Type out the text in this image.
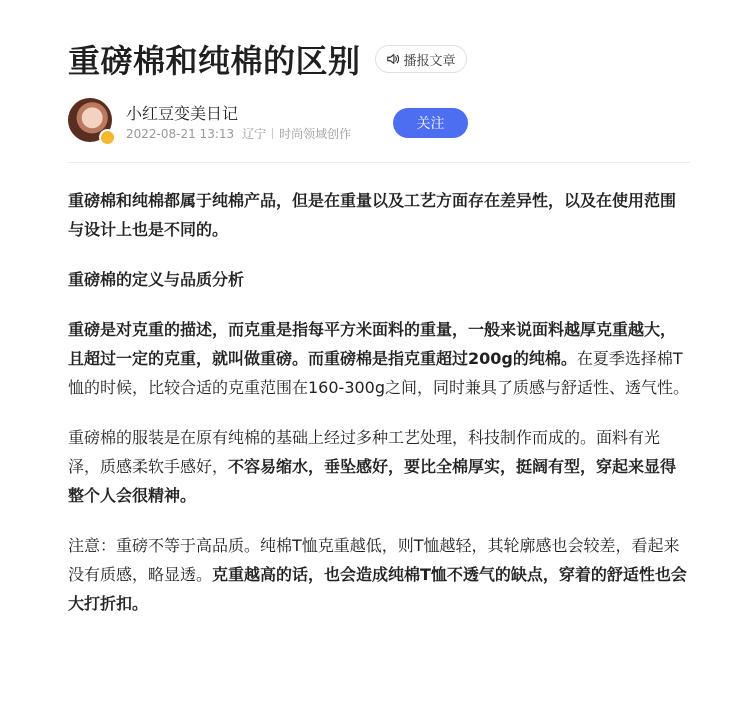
重磅棉和纯棉的区别	播报文章
小红豆变美日记
2022-08-21 13:13 辽宁 时尚领域创作
关注

重磅棉和纯棉都属于纯棉产品，但是在重量以及工艺方面存在差异性，以及在使用范围与设计上也是不同的。

重磅棉的定义与品质分析

重磅是对克重的描述，而克重是指每平方米面料的重量，一般来说面料越厚克重越大，且超过一定的克重，就叫做重磅。而重磅棉是指克重超过200g的纯棉。在夏季选择棉T恤的时候，比较合适的克重范围在160-300g之间，同时兼具了质感与舒适性、透气性。

重磅棉的服装是在原有纯棉的基础上经过多种工艺处理，科技制作而成的。面料有光泽，质感柔软手感好，不容易缩水，垂坠感好，要比全棉厚实，挺阔有型，穿起来显得整个人会很精神。

注意：重磅不等于高品质。纯棉T恤克重越低，则T恤越轻，其轮廓感也会较差，看起来没有质感，略显透。克重越高的话，也会造成纯棉T恤不透气的缺点，穿着的舒适性也会大打折扣。
